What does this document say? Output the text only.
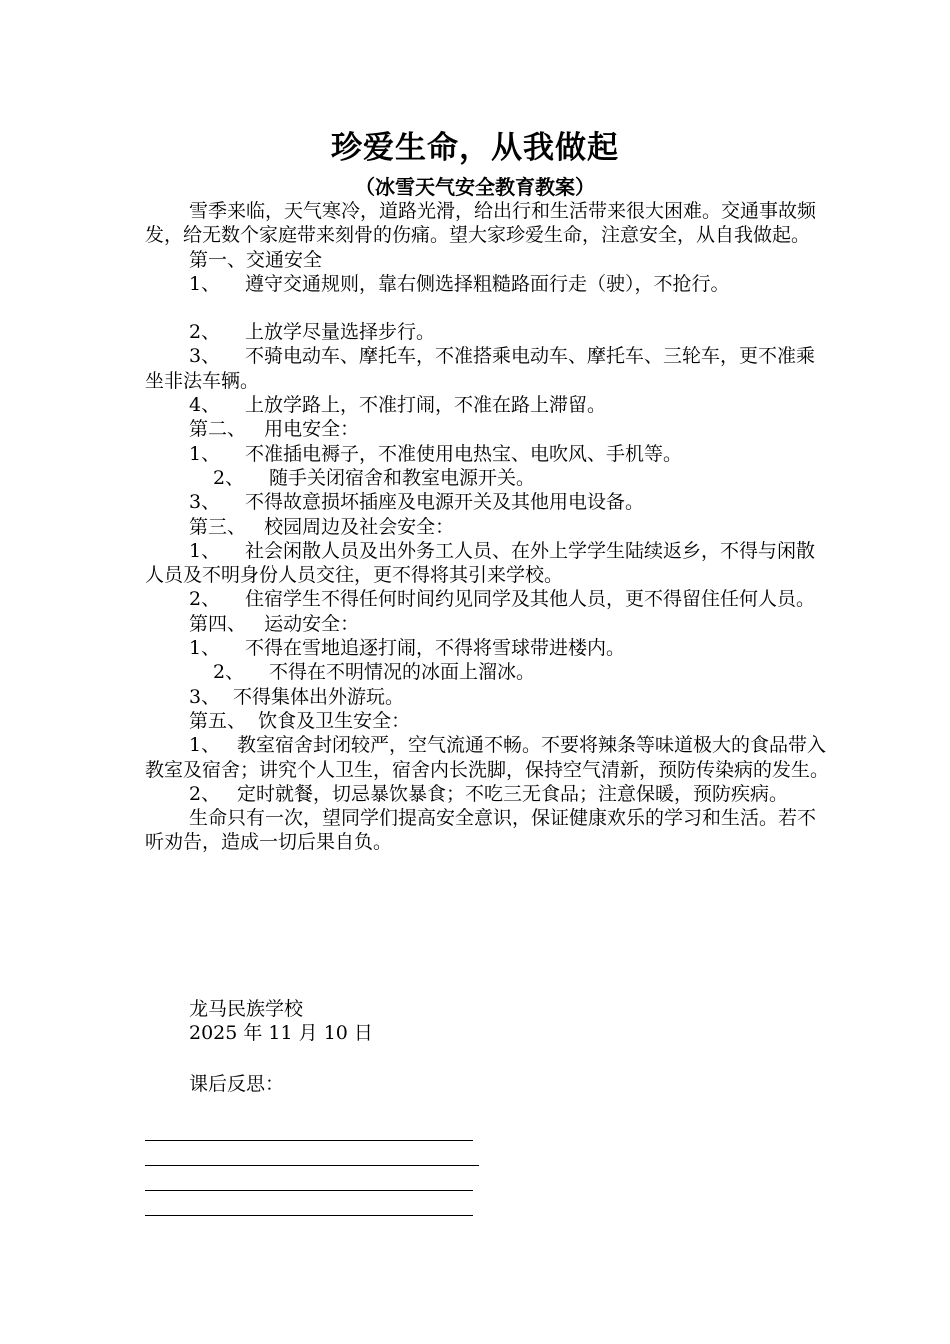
珍爱生命，从我做起
（冰雪天气安全教育教案）

雪季来临，天气寒冷，道路光滑，给出行和生活带来很大困难。交通事故频发，给无数个家庭带来刻骨的伤痛。望大家珍爱生命，注意安全，从自我做起。

第一、交通安全

1、 遵守交通规则，靠右侧选择粗糙路面行走（驶），不抢行。

2、 上放学尽量选择步行。

3、 不骑电动车、摩托车，不准搭乘电动车、摩托车、三轮车，更不准乘坐非法车辆。

4、 上放学路上，不准打闹，不准在路上滞留。

第二、   用电安全：

1、 不准插电褥子，不准使用电热宝、电吹风、手机等。

2、 随手关闭宿舍和教室电源开关。

3、 不得故意损坏插座及电源开关及其他用电设备。

第三、   校园周边及社会安全：

1、 社会闲散人员及出外务工人员、在外上学学生陆续返乡，不得与闲散人员及不明身份人员交往，更不得将其引来学校。

2、 住宿学生不得任何时间约见同学及其他人员，更不得留住任何人员。

第四、   运动安全：

1、 不得在雪地追逐打闹，不得将雪球带进楼内。

2、 不得在不明情况的冰面上溜冰。

3、 不得集体出外游玩。

第五、  饮食及卫生安全：

1、 教室宿舍封闭较严，空气流通不畅。不要将辣条等味道极大的食品带入教室及宿舍；讲究个人卫生，宿舍内长洗脚，保持空气清新，预防传染病的发生。

2、 定时就餐，切忌暴饮暴食；不吃三无食品；注意保暖，预防疾病。

生命只有一次，望同学们提高安全意识，保证健康欢乐的学习和生活。若不听劝告，造成一切后果自负。

龙马民族学校
2025 年 11 月 10 日
课后反思：
